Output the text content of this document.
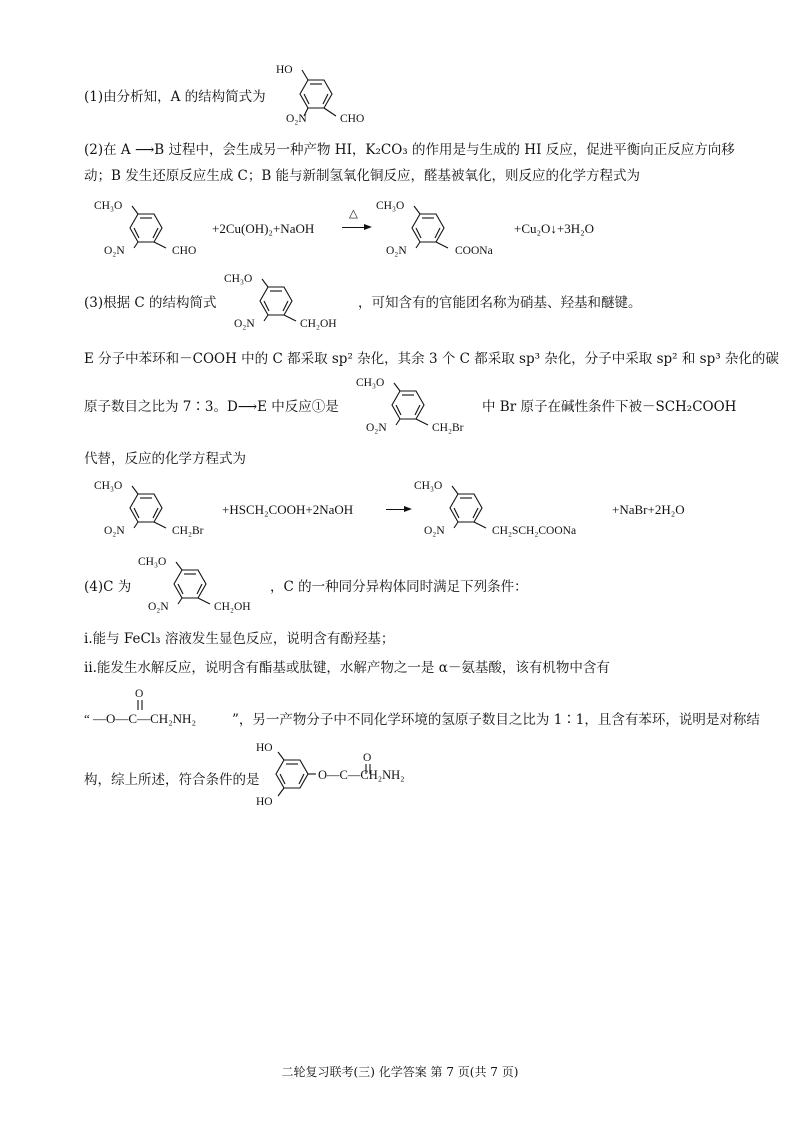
(1)由分析知，A 的结构简式为
HO
O₂N	CHO
(2)在 A ⟶B 过程中，会生成另一种产物 HI，K₂CO₃ 的作用是与生成的 HI 反应，促进平衡向正反应方向移
动；B 发生还原反应生成 C；B 能与新制氢氧化铜反应，醛基被氧化，则反应的化学方程式为
CH₃O
O₂N	CHO
+2Cu(OH)₂+NaOH
△
CH₃O
O₂N	COONa
+Cu₂O↓+3H₂O
(3)根据 C 的结构简式
CH₃O
O₂N	CH₂OH
，可知含有的官能团名称为硝基、羟基和醚键。
E 分子中苯环和－COOH 中的 C 都采取 sp² 杂化，其余 3 个 C 都采取 sp³ 杂化，分子中采取 sp² 和 sp³ 杂化的碳
原子数目之比为 7∶3。D⟶E 中反应①是
CH₃O
O₂N	CH₂Br
中 Br 原子在碱性条件下被－SCH₂COOH
代替，反应的化学方程式为
CH₃O
O₂N	CH₂Br
+HSCH₂COOH+2NaOH
CH₃O
O₂N	CH₂SCH₂COONa
+NaBr+2H₂O
(4)C 为
CH₃O
O₂N	CH₂OH
，C 的一种同分异构体同时满足下列条件：
ⅰ.能与 FeCl₃ 溶液发生显色反应，说明含有酚羟基；
ⅱ.能发生水解反应，说明含有酯基或肽键，水解产物之一是 α－氨基酸，该有机物中含有
O
“ —O—C—CH₂NH₂	”，另一产物分子中不同化学环境的氢原子数目之比为 1∶1，且含有苯环，说明是对称结
构，综上所述，符合条件的是
HO
HO
O
O—C—CH₂NH₂
二轮复习联考(三) 化学答案 第 7 页(共 7 页)
